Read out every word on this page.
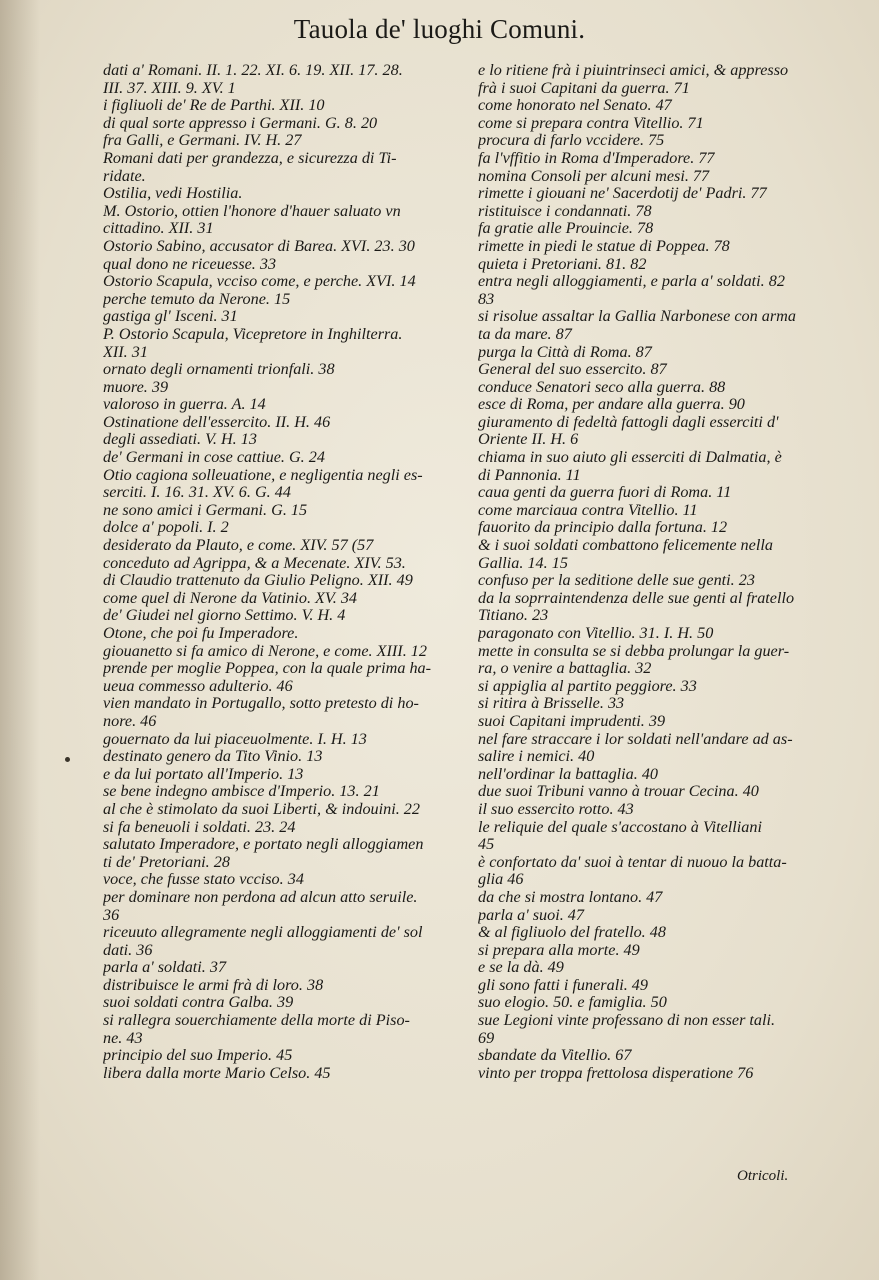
Tauola de' luoghi Comuni.
dati a' Romani. II. 1. 22. XI. 6. 19. XII. 17. 28.
III. 37. XIII. 9. XV. 1
i figliuoli de' Re de Parthi. XII. 10
di qual sorte appresso i Germani. G. 8. 20
fra Galli, e Germani. IV. H. 27
Romani dati per grandezza, e sicurezza di Ti-
ridate.
Ostilia, vedi Hostilia.
M. Ostorio, ottien l'honore d'hauer saluato vn
cittadino. XII. 31
Ostorio Sabino, accusator di Barea. XVI. 23. 30
qual dono ne riceuesse. 33
Ostorio Scapula, vcciso come, e perche. XVI. 14
perche temuto da Nerone. 15
gastiga gl' Isceni. 31
P. Ostorio Scapula, Vicepretore in Inghilterra.
XII. 31
ornato degli ornamenti trionfali. 38
muore. 39
valoroso in guerra. A. 14
Ostinatione dell'essercito. II. H. 46
degli assediati. V. H. 13
de' Germani in cose cattiue. G. 24
Otio cagiona solleuatione, e negligentia negli es-
serciti. I. 16. 31. XV. 6. G. 44
ne sono amici i Germani. G. 15
dolce a' popoli. I. 2
desiderato da Plauto, e come. XIV. 57 (57
conceduto ad Agrippa, & a Mecenate. XIV. 53.
di Claudio trattenuto da Giulio Peligno. XII. 49
come quel di Nerone da Vatinio. XV. 34
de' Giudei nel giorno Settimo. V. H. 4
Otone, che poi fu Imperadore.
giouanetto si fa amico di Nerone, e come. XIII. 12
prende per moglie Poppea, con la quale prima ha-
ueua commesso adulterio. 46
vien mandato in Portugallo, sotto pretesto di ho-
nore. 46
gouernato da lui piaceuolmente. I. H. 13
destinato genero da Tito Vinio. 13
e da lui portato all'Imperio. 13
se bene indegno ambisce d'Imperio. 13. 21
al che è stimolato da suoi Liberti, & indouini. 22
si fa beneuoli i soldati. 23. 24
salutato Imperadore, e portato negli alloggiamen
ti de' Pretoriani. 28
voce, che fusse stato vcciso. 34
per dominare non perdona ad alcun atto seruile.
36
riceuuto allegramente negli alloggiamenti de' sol
dati. 36
parla a' soldati. 37
distribuisce le armi frà di loro. 38
suoi soldati contra Galba. 39
si rallegra souerchiamente della morte di Piso-
ne. 43
principio del suo Imperio. 45
libera dalla morte Mario Celso. 45
e lo ritiene frà i piuintrinseci amici, & appresso
frà i suoi Capitani da guerra. 71
come honorato nel Senato. 47
come si prepara contra Vitellio. 71
procura di farlo vccidere. 75
fa l'vffitio in Roma d'Imperadore. 77
nomina Consoli per alcuni mesi. 77
rimette i giouani ne' Sacerdotij de' Padri. 77
ristituisce i condannati. 78
fa gratie alle Prouincie. 78
rimette in piedi le statue di Poppea. 78
quieta i Pretoriani. 81. 82
entra negli alloggiamenti, e parla a' soldati. 82
83
si risolue assaltar la Gallia Narbonese con arma
ta da mare. 87
purga la Città di Roma. 87
General del suo essercito. 87
conduce Senatori seco alla guerra. 88
esce di Roma, per andare alla guerra. 90
giuramento di fedeltà fattogli dagli esserciti d'
Oriente II. H. 6
chiama in suo aiuto gli esserciti di Dalmatia, è
di Pannonia. 11
caua genti da guerra fuori di Roma. 11
come marciaua contra Vitellio. 11
fauorito da principio dalla fortuna. 12
& i suoi soldati combattono felicemente nella
Gallia. 14. 15
confuso per la seditione delle sue genti. 23
da la soprraintendenza delle sue genti al fratello
Titiano. 23
paragonato con Vitellio. 31. I. H. 50
mette in consulta se si debba prolungar la guer-
ra, o venire a battaglia. 32
si appiglia al partito peggiore. 33
si ritira à Brisselle. 33
suoi Capitani imprudenti. 39
nel fare straccare i lor soldati nell'andare ad as-
salire i nemici. 40
nell'ordinar la battaglia. 40
due suoi Tribuni vanno à trouar Cecina. 40
il suo essercito rotto. 43
le reliquie del quale s'accostano à Vitelliani
45
è confortato da' suoi à tentar di nuouo la batta-
glia 46
da che si mostra lontano. 47
parla a' suoi. 47
& al figliuolo del fratello. 48
si prepara alla morte. 49
e se la dà. 49
gli sono fatti i funerali. 49
suo elogio. 50. e famiglia. 50
sue Legioni vinte professano di non esser tali.
69
sbandate da Vitellio. 67
vinto per troppa frettolosa disperatione 76
Otricoli.
